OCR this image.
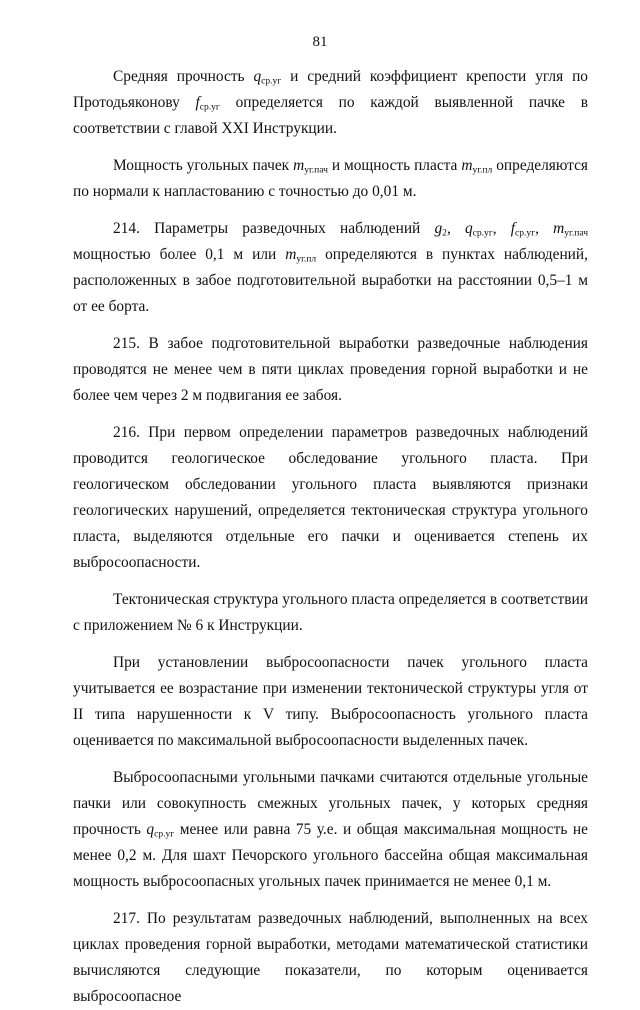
81

Средняя прочность $q_{ср.уг}$ и средний коэффициент крепости угля по Протодьяконову $f_{ср.уг}$ определяется по каждой выявленной пачке в соответствии с главой XXI Инструкции.

Мощность угольных пачек $m_{уг.пач}$ и мощность пласта $m_{уг.пл}$ определяются по нормали к напластованию с точностью до 0,01 м.

214. Параметры разведочных наблюдений $g_2$, $q_{ср.уг}$, $f_{ср.уг}$, $m_{уг.пач}$ мощностью более 0,1 м или $m_{уг.пл}$ определяются в пунктах наблюдений, расположенных в забое подготовительной выработки на расстоянии 0,5–1 м от ее борта.

215. В забое подготовительной выработки разведочные наблюдения проводятся не менее чем в пяти циклах проведения горной выработки и не более чем через 2 м подвигания ее забоя.

216. При первом определении параметров разведочных наблюдений проводится геологическое обследование угольного пласта. При геологическом обследовании угольного пласта выявляются признаки геологических нарушений, определяется тектоническая структура угольного пласта, выделяются отдельные его пачки и оценивается степень их выбросоопасности.

Тектоническая структура угольного пласта определяется в соответствии с приложением № 6 к Инструкции.

При установлении выбросоопасности пачек угольного пласта учитывается ее возрастание при изменении тектонической структуры угля от II типа нарушенности к V типу. Выбросоопасность угольного пласта оценивается по максимальной выбросоопасности выделенных пачек.

Выбросоопасными угольными пачками считаются отдельные угольные пачки или совокупность смежных угольных пачек, у которых средняя прочность $q_{ср.уг}$ менее или равна 75 у.е. и общая максимальная мощность не менее 0,2 м. Для шахт Печорского угольного бассейна общая максимальная мощность выбросоопасных угольных пачек принимается не менее 0,1 м.

217. По результатам разведочных наблюдений, выполненных на всех циклах проведения горной выработки, методами математической статистики вычисляются следующие показатели, по которым оценивается выбросоопасное
